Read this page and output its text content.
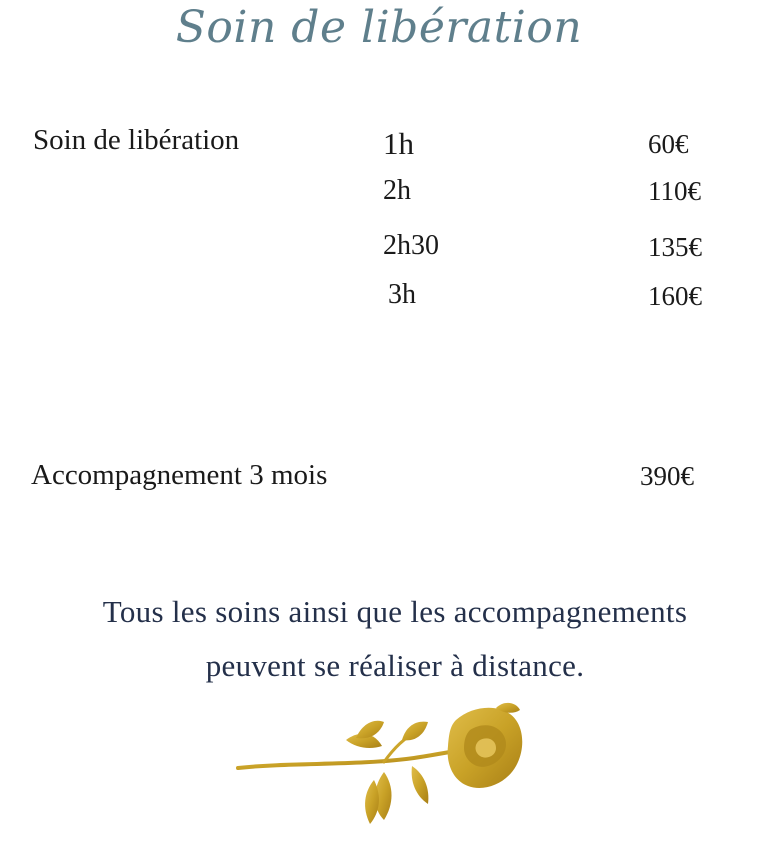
Soin de libération
Soin de libération	1h	60€
2h	110€
2h30	135€
3h	160€
Accompagnement 3 mois	390€
Tous les soins ainsi que les accompagnements
peuvent se réaliser à distance.
